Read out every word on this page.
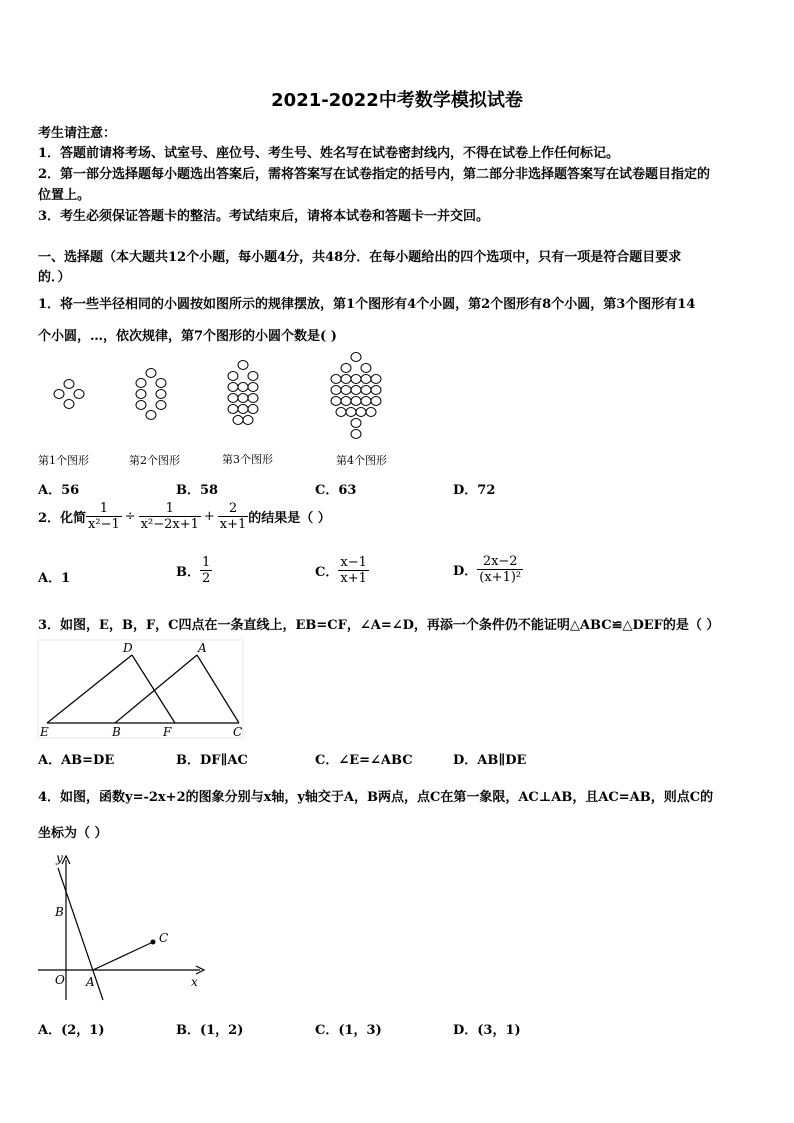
2021-2022中考数学模拟试卷
考生请注意：
1．答题前请将考场、试室号、座位号、考生号、姓名写在试卷密封线内，不得在试卷上作任何标记。
2．第一部分选择题每小题选出答案后，需将答案写在试卷指定的括号内，第二部分非选择题答案写在试卷题目指定的
位置上。
3．考生必须保证答题卡的整洁。考试结束后，请将本试卷和答题卡一并交回。
一、选择题（本大题共12个小题，每小题4分，共48分．在每小题给出的四个选项中，只有一项是符合题目要求
的．）
1．将一些半径相同的小圆按如图所示的规律摆放，第1个图形有4个小圆，第2个图形有8个小圆，第3个图形有14
个小圆，…，依次规律，第7个图形的小圆个数是( )
第1个图形	第2个图形	第3个图形	第4个图形
A．56	B．58	C．63	D．72
2．化简 $\frac{1}{\text{x²−1}} \div \frac{1}{\text{x²−2x+1}} + \frac{2}{x+1}$ 的结果是（ ）
A．1	B． $\frac{1}{2}$	C． $\frac{x-1}{x+1}$	D． $\frac{2x-2}{\text{(x+1)²}}$
3．如图，E，B，F，C四点在一条直线上，EB=CF，∠A=∠D，再添一个条件仍不能证明△ABC≌△DEF的是（ ）
D	A
E	B	F	C
A．AB=DE	B．DF∥AC	C．∠E=∠ABC	D．AB∥DE
4．如图，函数y=-2x+2的图象分别与x轴，y轴交于A，B两点，点C在第一象限，AC⊥AB，且AC=AB，则点C的
坐标为（ ）
y
B
C
O A	x
A．(2，1)	B．(1，2)	C．(1，3)	D．(3，1)
